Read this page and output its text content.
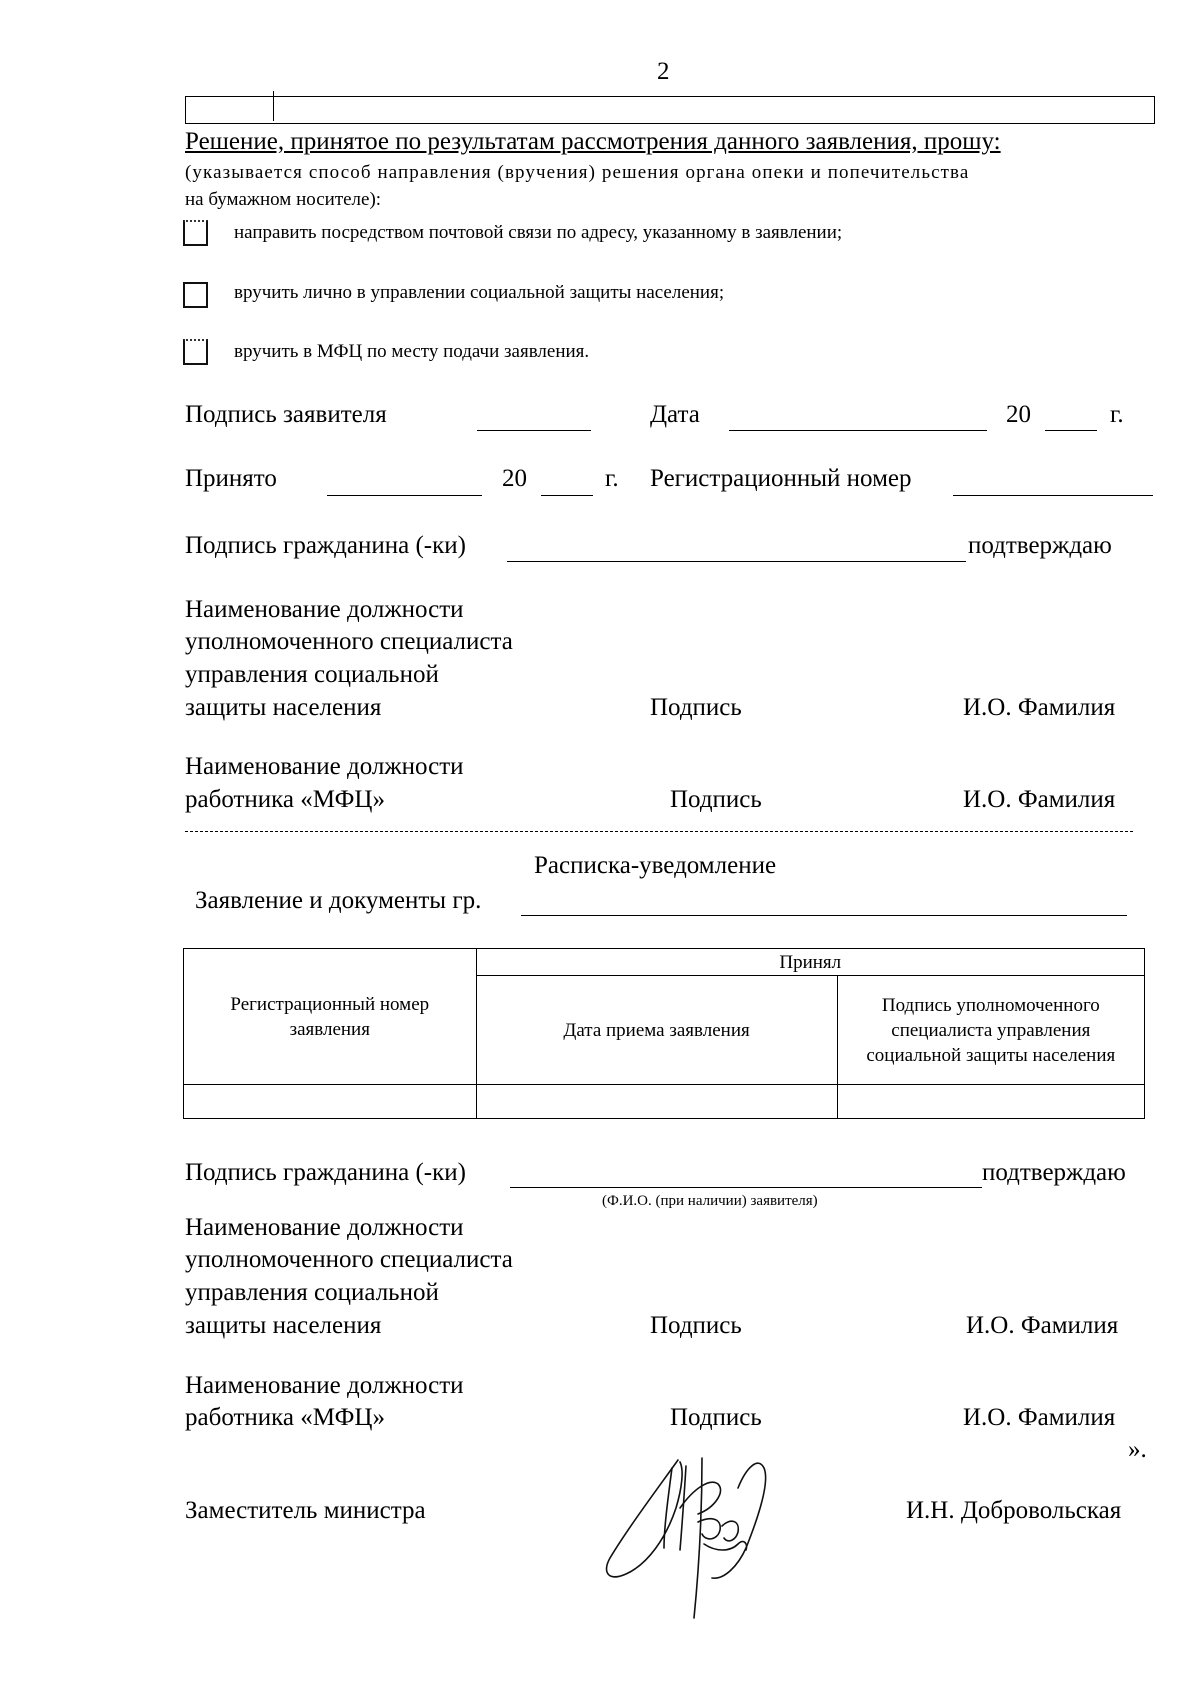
2
Решение, принятое по результатам рассмотрения данного заявления, прошу:
(указывается способ направления (вручения) решения органа опеки и попечительства
на бумажном носителе):
направить посредством почтовой связи по адресу, указанному в заявлении;
вручить лично в управлении социальной защиты населения;
вручить в МФЦ по месту подачи заявления.
Подпись заявителя	Дата	20	г.
Принято	20	г. Регистрационный номер
Подпись гражданина (-ки)	подтверждаю
Наименование должности
уполномоченного специалиста
управления социальной
защиты населения	Подпись	И.О. Фамилия
Наименование должности
работника «МФЦ»	Подпись	И.О. Фамилия
Расписка-уведомление
Заявление и документы гр.
Регистрационный номер заявления	Принял	
	Дата приема заявления	Подпись уполномоченного специалиста управления социальной защиты населения

Подпись гражданина (-ки)	подтверждаю
(Ф.И.О. (при наличии) заявителя)
Наименование должности
уполномоченного специалиста
управления социальной
защиты населения	Подпись	И.О. Фамилия
Наименование должности
работника «МФЦ»	Подпись	И.О. Фамилия
».
Заместитель министра	И.Н. Добровольская
